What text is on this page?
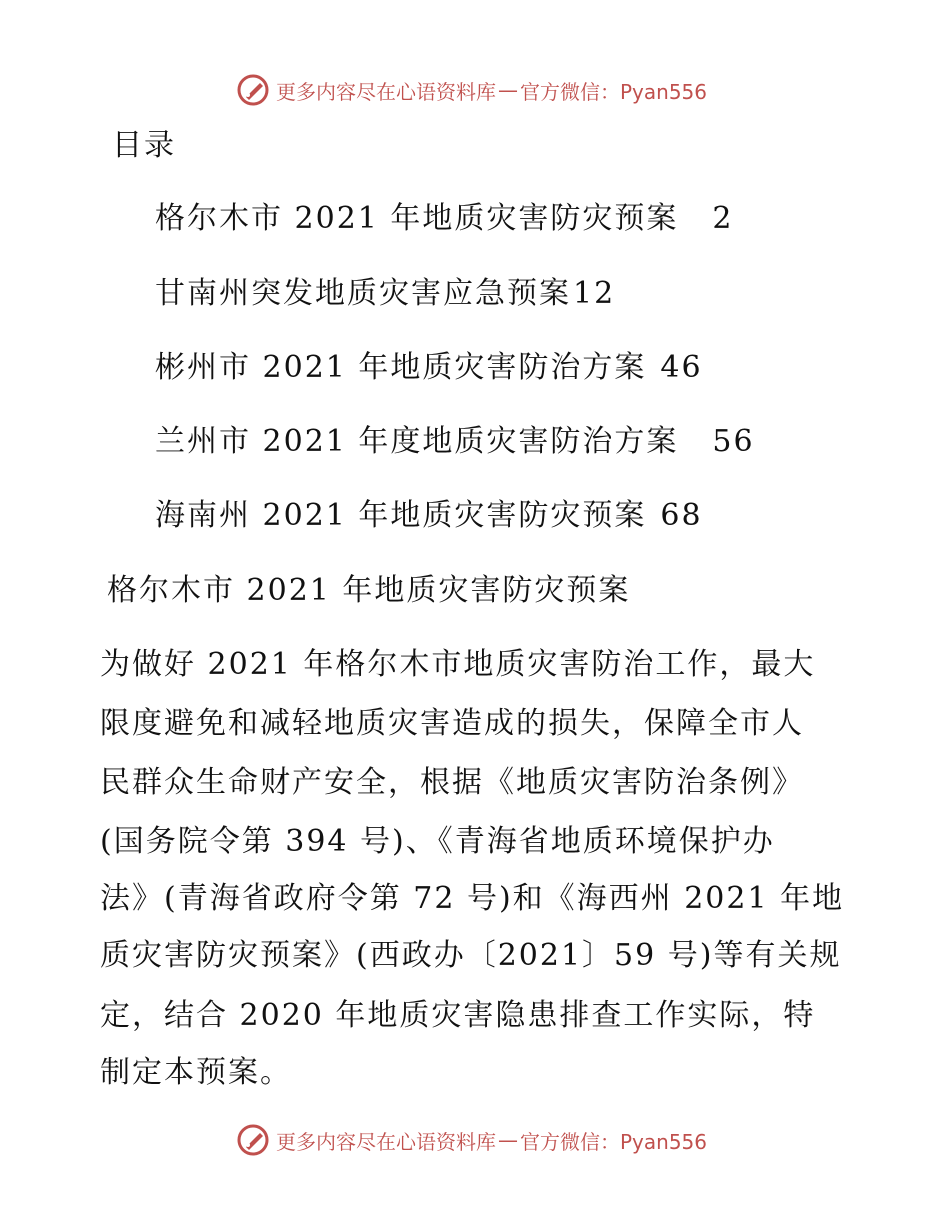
更多内容尽在心语资料库 — 官方微信：Pyan556
目录
格尔木市 2021 年地质灾害防灾预案 2
甘南州突发地质灾害应急预案12
彬州市 2021 年地质灾害防治方案 46
兰州市 2021 年度地质灾害防治方案 56
海南州 2021 年地质灾害防灾预案 68
格尔木市 2021 年地质灾害防灾预案
为做好 2021 年格尔木市地质灾害防治工作，最大
限度避免和减轻地质灾害造成的损失，保障全市人
民群众生命财产安全，根据《地质灾害防治条例》
(国务院令第 394 号)、《青海省地质环境保护办
法》(青海省政府令第 72 号)和《海西州 2021 年地
质灾害防灾预案》(西政办〔2021〕59 号)等有关规
定，结合 2020 年地质灾害隐患排查工作实际，特
制定本预案。
更多内容尽在心语资料库 — 官方微信：Pyan556
